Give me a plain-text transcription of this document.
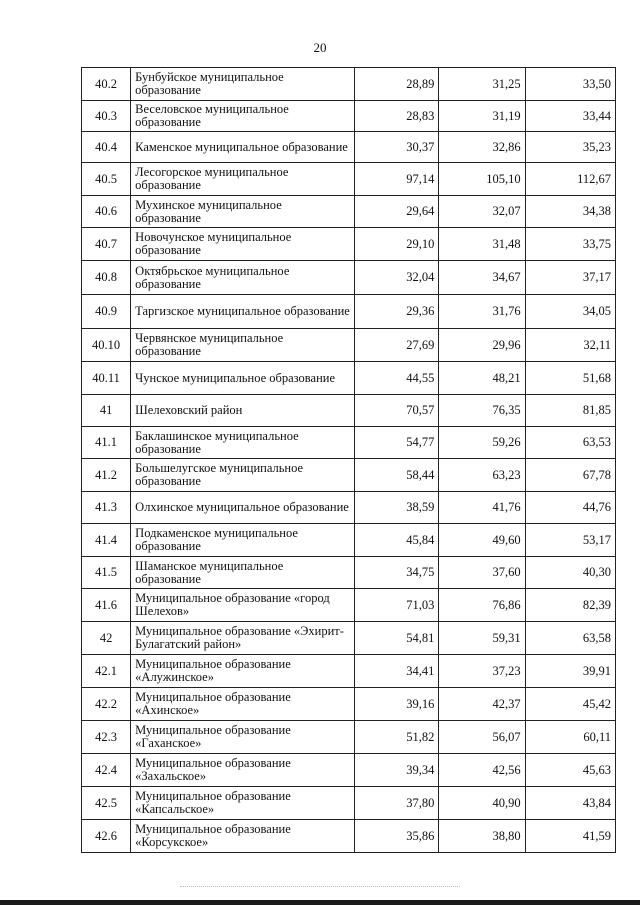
20
40.2	Бунбуйское муниципальное образование	28,89	31,25	33,50
40.3	Веселовское муниципальное образование	28,83	31,19	33,44
40.4	Каменское муниципальное образование	30,37	32,86	35,23
40.5	Лесогорское муниципальное образование	97,14	105,10	112,67
40.6	Мухинское муниципальное образование	29,64	32,07	34,38
40.7	Новочунское муниципальное образование	29,10	31,48	33,75
40.8	Октябрьское муниципальное образование	32,04	34,67	37,17
40.9	Таргизское муниципальное образование	29,36	31,76	34,05
40.10	Червянское муниципальное образование	27,69	29,96	32,11
40.11	Чунское муниципальное образование	44,55	48,21	51,68
41	Шелеховский район	70,57	76,35	81,85
41.1	Баклашинское муниципальное образование	54,77	59,26	63,53
41.2	Большелугское муниципальное образование	58,44	63,23	67,78
41.3	Олхинское муниципальное образование	38,59	41,76	44,76
41.4	Подкаменское муниципальное образование	45,84	49,60	53,17
41.5	Шаманское муниципальное образование	34,75	37,60	40,30
41.6	Муниципальное образование «город Шелехов»	71,03	76,86	82,39
42	Муниципальное образование «Эхирит-Булагатский район»	54,81	59,31	63,58
42.1	Муниципальное образование «Алужинское»	34,41	37,23	39,91
42.2	Муниципальное образование «Ахинское»	39,16	42,37	45,42
42.3	Муниципальное образование «Гаханское»	51,82	56,07	60,11
42.4	Муниципальное образование «Захальское»	39,34	42,56	45,63
42.5	Муниципальное образование «Капсальское»	37,80	40,90	43,84
42.6	Муниципальное образование «Корсукское»	35,86	38,80	41,59
